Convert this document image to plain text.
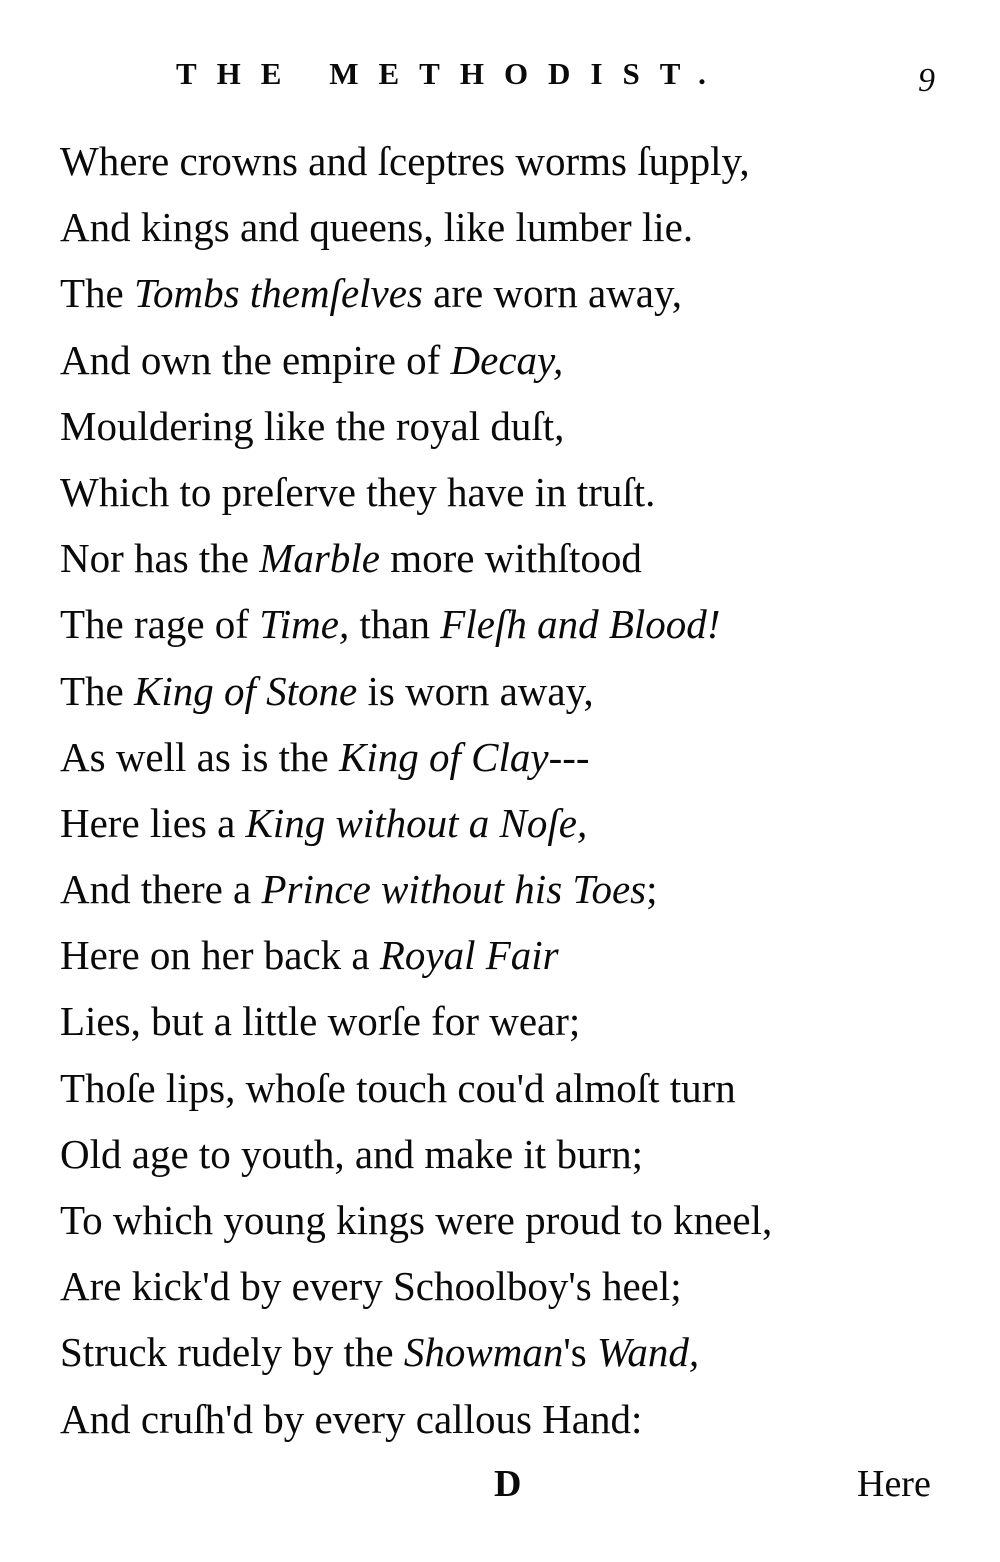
THE METHODIST.	9
Where crowns and ſceptres worms ſupply,
And kings and queens, like lumber lie.
The Tombs themſelves are worn away,
And own the empire of Decay,
Mouldering like the royal duſt,
Which to preſerve they have in truſt.
Nor has the Marble more withſtood
The rage of Time, than Fleſh and Blood!
The King of Stone is worn away,
As well as is the King of Clay---
Here lies a King without a Noſe,
And there a Prince without his Toes;
Here on her back a Royal Fair
Lies, but a little worſe for wear;
Thoſe lips, whoſe touch cou'd almoſt turn
Old age to youth, and make it burn;
To which young kings were proud to kneel,
Are kick'd by every Schoolboy's heel;
Struck rudely by the Showman's Wand,
And cruſh'd by every callous Hand:
D	Here
